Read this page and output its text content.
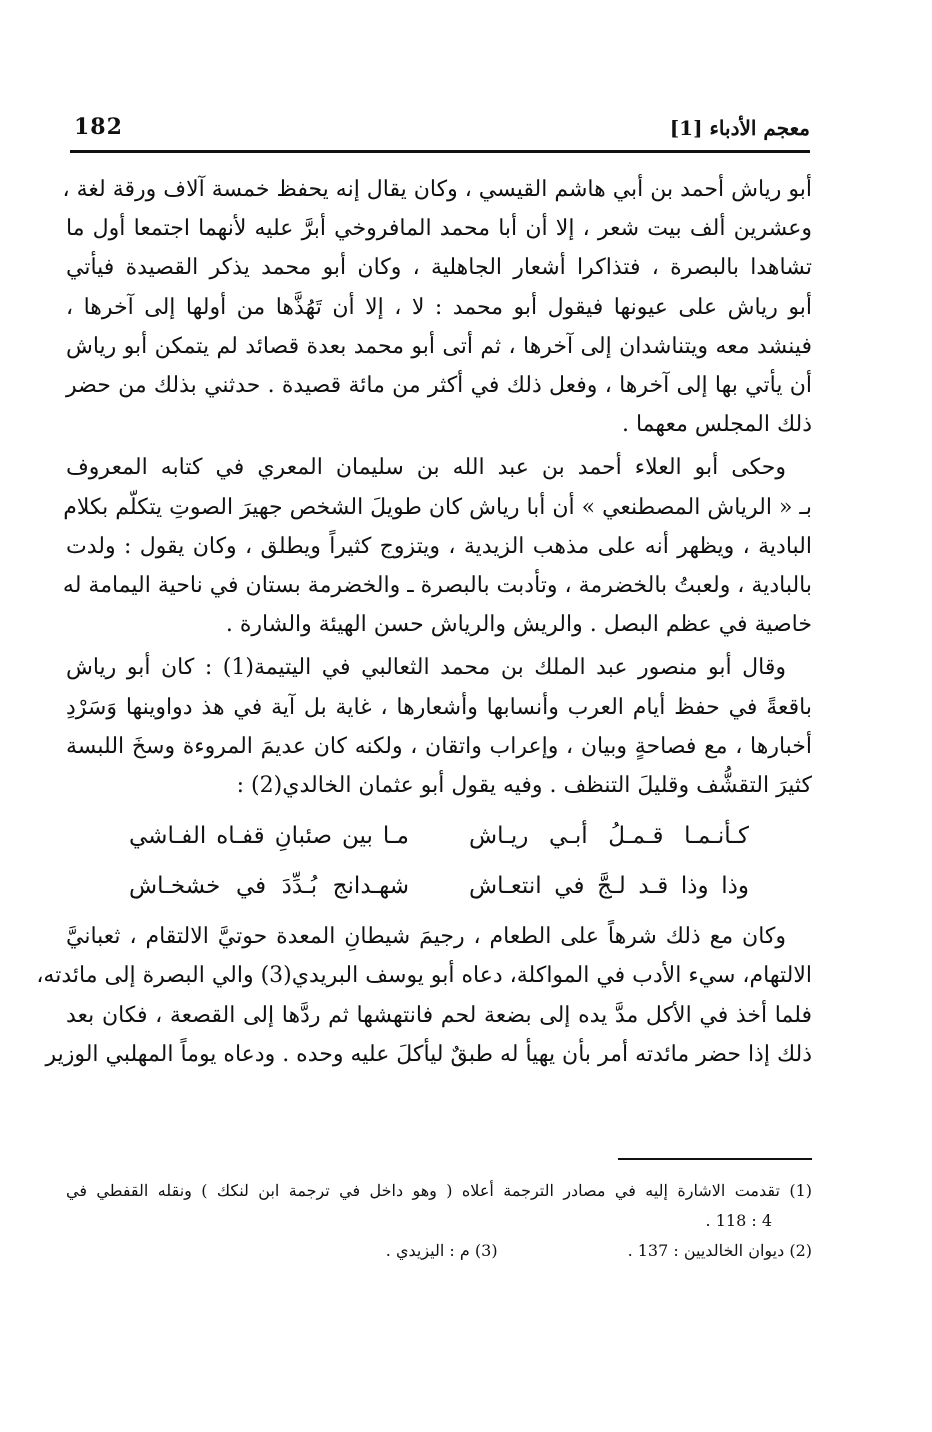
معجم الأدباء [1]
182
أبو رياش أحمد بن أبي هاشم القيسي ، وكان يقال إنه يحفظ خمسة آلاف ورقة لغة ،
وعشرين ألف بيت شعر ، إلا أن أبا محمد المافروخي أبرَّ عليه لأنهما اجتمعا أول ما
تشاهدا بالبصرة ، فتذاكرا أشعار الجاهلية ، وكان أبو محمد يذكر القصيدة فيأتي
أبو رياش على عيونها فيقول أبو محمد : لا ، إلا أن تَهُذَّها من أولها إلى آخرها ،
فينشد معه ويتناشدان إلى آخرها ، ثم أتى أبو محمد بعدة قصائد لم يتمكن أبو رياش
أن يأتي بها إلى آخرها ، وفعل ذلك في أكثر من مائة قصيدة . حدثني بذلك من حضر
ذلك المجلس معهما .
وحكى أبو العلاء أحمد بن عبد الله بن سليمان المعري في كتابه المعروف
بـ « الرياش المصطنعي » أن أبا رياش كان طويلَ الشخص جهيرَ الصوتِ يتكلّم بكلام
البادية ، ويظهر أنه على مذهب الزيدية ، ويتزوج كثيراً ويطلق ، وكان يقول : ولدت
بالبادية ، ولعبتُ بالخضرمة ، وتأدبت بالبصرة ـ والخضرمة بستان في ناحية اليمامة له
خاصية في عظم البصل . والريش والرياش حسن الهيئة والشارة .
وقال أبو منصور عبد الملك بن محمد الثعالبي في اليتيمة(1) : كان أبو رياش
باقعةً في حفظ أيام العرب وأنسابها وأشعارها ، غاية بل آية في هذ دواوينها وَسَرْدِ
أخبارها ، مع فصاحةٍ وبيان ، وإعراب واتقان ، ولكنه كان عديمَ المروءة وسخَ اللبسة
كثيرَ التقشُّف وقليلَ التنظف . وفيه يقول أبو عثمان الخالدي(2) :
كـأنـمـا قـمـلُ أبـي ريـاش
مـا بين صئبانِ قفـاه الفـاشي
وذا وذا قـد لـجَّ في انتعـاش
شهـدانج بُـدِّدَ في خشخـاش
وكان مع ذلك شرهاً على الطعام ، رجيمَ شيطانِ المعدة حوتيَّ الالتقام ، ثعبانيَّ
الالتهام، سيء الأدب في المواكلة، دعاه أبو يوسف البريدي(3) والي البصرة إلى مائدته،
فلما أخذ في الأكل مدَّ يده إلى بضعة لحم فانتهشها ثم ردَّها إلى القصعة ، فكان بعد
ذلك إذا حضر مائدته أمر بأن يهيأ له طبقٌ ليأكلَ عليه وحده . ودعاه يوماً المهلبي الوزير
(1) تقدمت الاشارة إليه في مصادر الترجمة أعلاه ( وهو داخل في ترجمة ابن لنكك ) ونقله القفطي في
4 : 118 .
(2) ديوان الخالديين : 137 .
(3) م : اليزيدي .
